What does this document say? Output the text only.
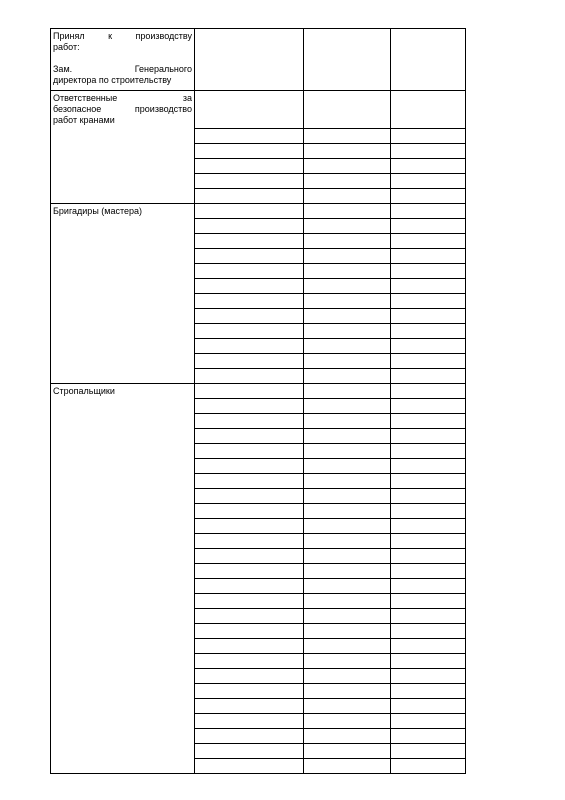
Принял к производству
работ:
Зам. Генерального
директора по строительству			

Ответственные за
безопасное производство
работ кранами			

Бригадиры (мастера)			

Стропальщики			
